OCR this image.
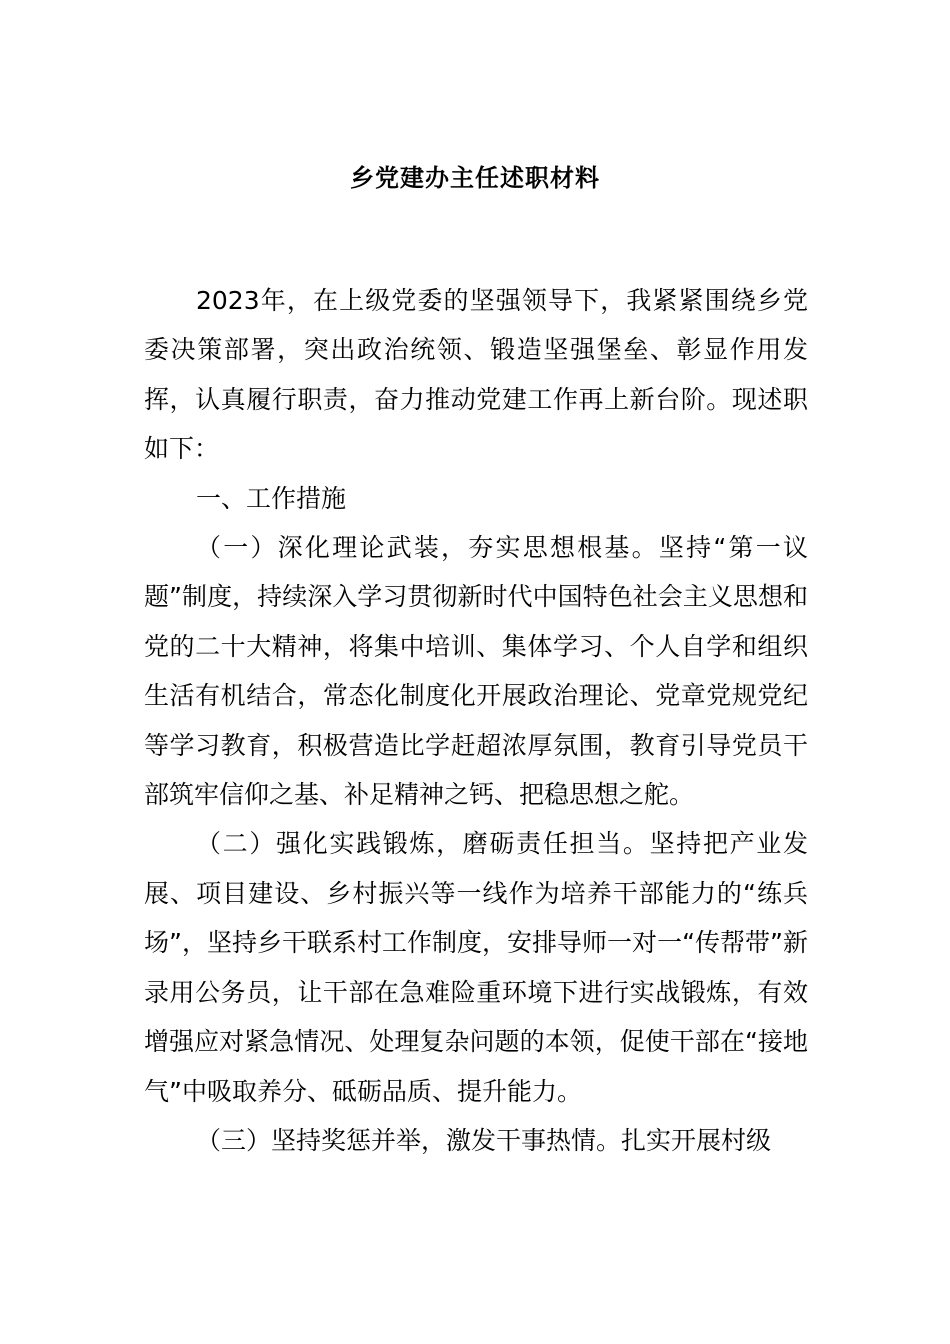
乡党建办主任述职材料

2023年，在上级党委的坚强领导下，我紧紧围绕乡党委决策部署，突出政治统领、锻造坚强堡垒、彰显作用发挥，认真履行职责，奋力推动党建工作再上新台阶。现述职如下：

一、工作措施

（一）深化理论武装，夯实思想根基。坚持“第一议题”制度，持续深入学习贯彻新时代中国特色社会主义思想和党的二十大精神，将集中培训、集体学习、个人自学和组织生活有机结合，常态化制度化开展政治理论、党章党规党纪等学习教育，积极营造比学赶超浓厚氛围，教育引导党员干部筑牢信仰之基、补足精神之钙、把稳思想之舵。

（二）强化实践锻炼，磨砺责任担当。坚持把产业发展、项目建设、乡村振兴等一线作为培养干部能力的“练兵场”，坚持乡干联系村工作制度，安排导师一对一“传帮带”新录用公务员，让干部在急难险重环境下进行实战锻炼，有效增强应对紧急情况、处理复杂问题的本领，促使干部在“接地气”中吸取养分、砥砺品质、提升能力。

（三）坚持奖惩并举，激发干事热情。扎实开展村级
